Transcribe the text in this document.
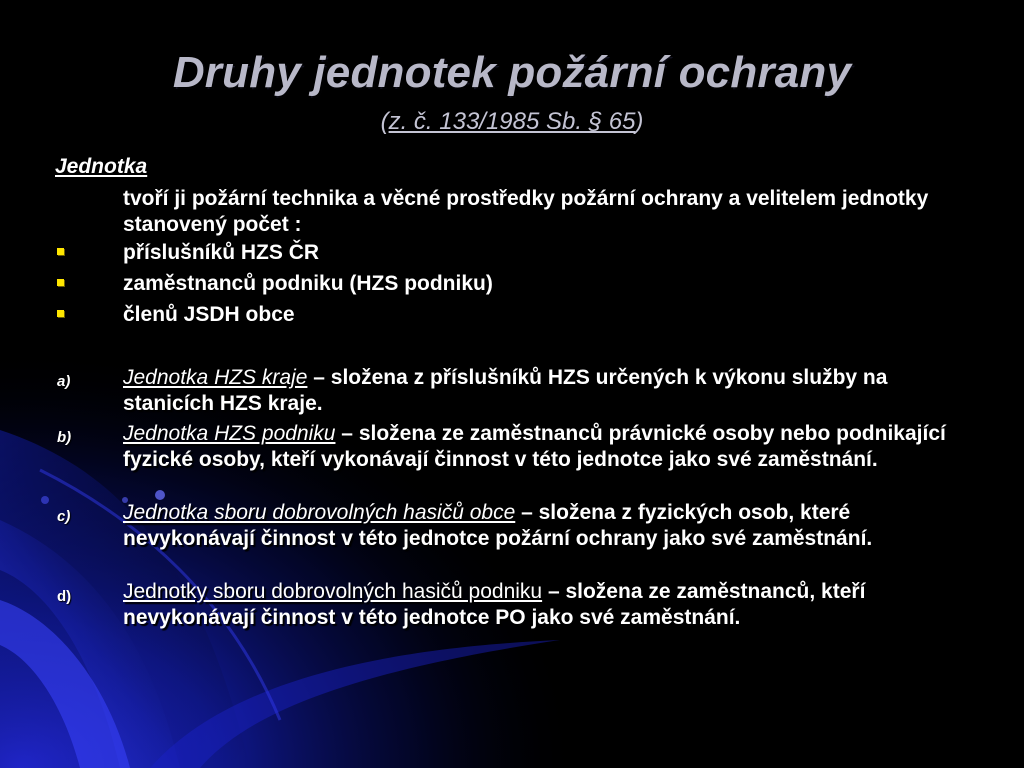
Druhy jednotek požární ochrany
(z. č. 133/1985 Sb. § 65)
Jednotka
tvoří ji požární technika a věcné prostředky požární ochrany a velitelem jednotky stanovený počet :
příslušníků HZS ČR
zaměstnanců podniku (HZS podniku)
členů JSDH obce
a)	Jednotka HZS kraje – složena z příslušníků HZS určených k výkonu služby na stanicích HZS kraje.
b) Jednotka HZS podniku – složena ze zaměstnanců právnické osoby nebo podnikající fyzické osoby, kteří vykonávají činnost v této jednotce jako své zaměstnání.
c)	Jednotka sboru dobrovolných hasičů obce – složena z fyzických osob, které nevykonávají činnost v této jednotce požární ochrany jako své zaměstnání.
d) Jednotky sboru dobrovolných hasičů podniku – složena ze zaměstnanců, kteří nevykonávají činnost v této jednotce PO jako své zaměstnání.
